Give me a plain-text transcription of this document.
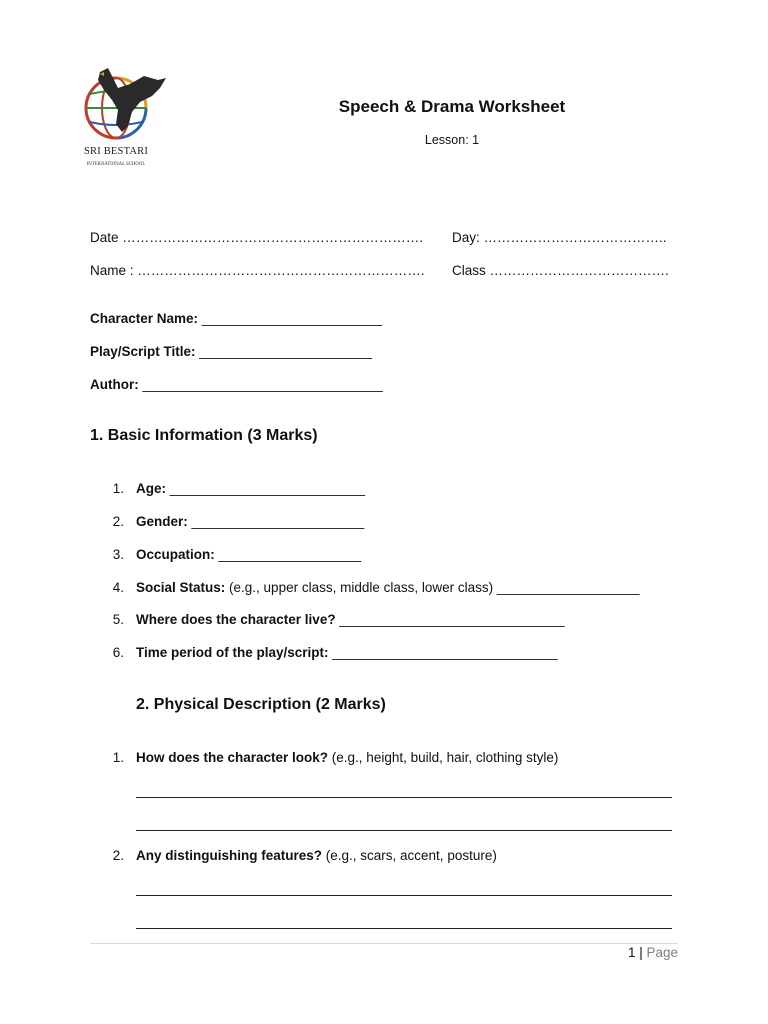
SRI BESTARI
INTERNATIONAL SCHOOL
Speech & Drama Worksheet
Lesson: 1
Date …………………………………………………………. Day: …………………………………..
Name : ………………………………………………………. Class ………………………………….
Character Name: ________________________
Play/Script Title: _______________________
Author: ________________________________
1. Basic Information (3 Marks)
1. Age: __________________________
2. Gender: _______________________
3. Occupation: ___________________
4. Social Status: (e.g., upper class, middle class, lower class) ___________________
5. Where does the character live? ______________________________
6. Time period of the play/script: ______________________________
2. Physical Description (2 Marks)
1. How does the character look? (e.g., height, build, hair, clothing style)
2. Any distinguishing features? (e.g., scars, accent, posture)
1 | Page
